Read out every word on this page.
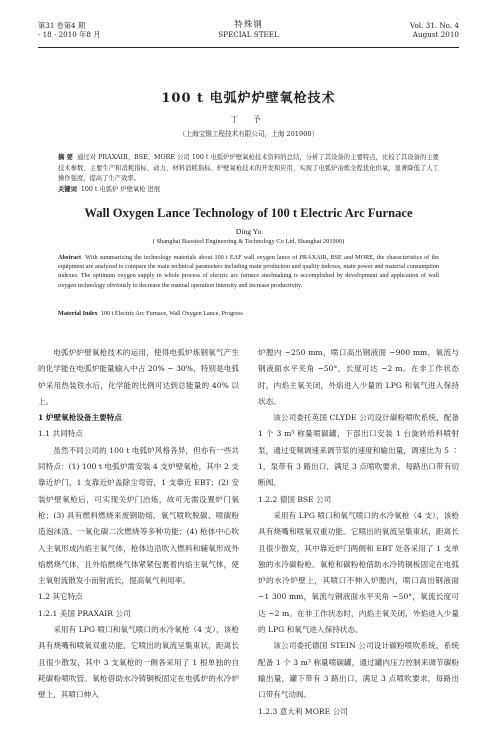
第31 卷第4 期
· 18 · 2010 年8 月
特殊钢
SPECIAL STEEL
Vol. 31. No. 4
August 2010
100 t 电弧炉炉壁氧枪技术
丁 予
（上海宝钢工程技术有限公司，上海 201900）
摘 要 通过对 PRAXAIR、BSE、MORE 公司 100 t 电弧炉炉壁氧枪技术资料的总结，分析了其设备的主要特点，比较了其设备的主要技术参数、主要生产和消耗指标、动力、材料消耗指标。炉壁氧枪技术的开发和应用，实现了电弧炉冶炼全程优化供氧，显著降低了人工操作强度，提高了生产效率。
关键词 100 t 电弧炉 炉壁氧枪 进展
Wall Oxygen Lance Technology of 100 t Electric Arc Furnace
Ding Yu
( Shanghai Baosteel Engineering & Technology Co Ltd, Shanghai 201900)
Abstract With summarizing the technology materials about 100 t EAF wall oxygen lance of PRAXAIR, BSE and MORE, the characteristics of the equipment are analyzed to compare the main technical parameters including main production and quality indexes, main power and material consumption indexes. The optimum oxygen supply in whole process of electric arc furnace steelmaking is accomplished by development and application of wall oxygen technology obviously to decrease the manual operation intensity and increase productivity.
Material Index 100 t Electric Arc Furnace, Wall Oxygen Lance, Progress

电弧炉炉壁氧枪技术的运用，使得电弧炉炼钢氧气产生的化学能在电弧炉能量输入中占 20% ~ 30%，特别是电弧炉采用热装铁水后，化学能的比例可达到总能量的 40% 以上。

1 炉壁氧枪设备主要特点
1.1 共同特点

虽然不同公司的 100 t 电弧炉风格各异，但亦有一些共同特点：(1) 100 t 电弧炉需安装 4 支炉壁氧枪，其中 2 支靠近炉门，1 支靠近炉盖除尘弯管，1 支靠近 EBT；(2) 安装炉壁氧枪后，可实现关炉门冶炼，故可无需设置炉门氧枪；(3) 具有燃料燃烧来废钢助熔、氧气喷吹脱碳、喷碳粉造泡沫渣、一氧化碳二次燃烧等多种功能；(4) 枪体中心吹入主氧形成内焰主氧气体，枪体边沿吹入燃料和辅氧形成外焰燃烧气体，且外焰燃烧气体紧紧包裹着内焰主氧气体，使主氧射流散发小而射流长，提高氧气利用率。

1.2 其它特点
1.2.1 美国 PRAXAIR 公司

采用有 LPG 喷口和氧气喷口的水冷氧枪（4 支），该枪具有烧嘴和喷氧双重功能，它喷出的氧流呈集束状，距离长且很少散发，其中 3 支氧枪的一侧各采用了 1 根单独的自耗碳粉喷吹管。氧枪借助水冷铸铜板固定在电弧炉的水冷炉壁上，其喷口伸入

炉膛内 ~250 mm，喷口高出钢液面 ~900 mm，氧流与钢液面水平夹角 ~50°，长度可达 ~2 m。在非工作状态时，内焰主氧关闭，外焰进入少量的 LPG 和氧气进入保持状态。

该公司委托英国 CLYDE 公司设计碳粉喷吹系统，配备 1 个 3 m³ 称量喷碳罐，下部出口安装 1 台旋转给料喷射泵，通过变频调速来调节浆的速度和输出量，调速比为 5 ∶ 1，泵带有 3 路出口，满足 3 点喷吹要求，每路出口带有切断阀。

1.2.2 德国 BSE 公司

采用有 LPG 喷口和氧气喷口的水冷氧枪（4 支），该枪具有烧嘴和喷氧双重功能。它喷出的氧流呈集束状，距离长且很少散发，其中靠近炉门两侧和 EBT 处各采用了 1 支单独的水冷碳粉枪。氧枪和碳粉枪借助水冷铸铜板固定在电弧炉的水冷炉壁上，其喷口不伸入炉膛内，喷口高出钢液面 ~1 300 mm，氧流与钢液面水平夹角 ~50°，氧流长度可达 ~2 m。在非工作状态时，内焰主氧关闭，外焰进入少量的 LPG 和氧气进入保持状态。

该公司委托德国 STEIN 公司设计碳粉喷吹系统，系统配备 1 个 3 m³ 称量喷碳罐，通过罐内压力控制来调节碳粉输出量，罐下带有 3 路出口，满足 3 点喷吹要求，每路出口带有气动阀。

1.2.3 意大利 MORE 公司
